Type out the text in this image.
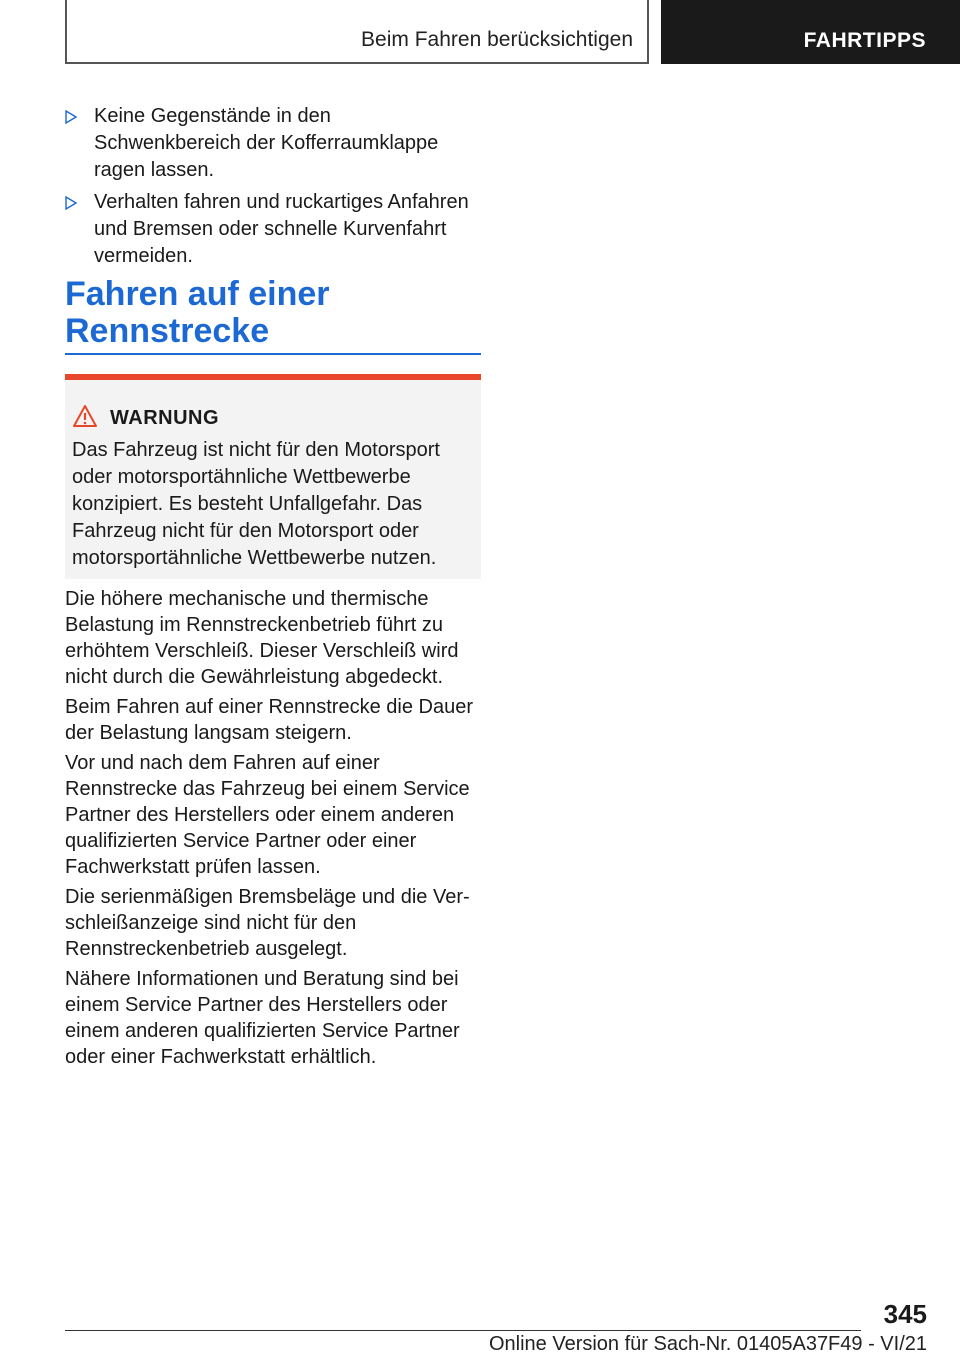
Beim Fahren berücksichtigen	FAHRTIPPS
Keine Gegenstände in den Schwenkbereich der Kofferraumklappe ragen lassen.
Verhalten fahren und ruckartiges Anfahren und Bremsen oder schnelle Kurvenfahrt vermeiden.
Fahren auf einer Rennstrecke
WARNUNG
Das Fahrzeug ist nicht für den Motorsport oder motorsportähnliche Wettbewerbe konzipiert. Es besteht Unfallgefahr. Das Fahrzeug nicht für den Motorsport oder motorsportähnliche Wettbewerbe nutzen.

Die höhere mechanische und thermische Belastung im Rennstreckenbetrieb führt zu erhöhtem Verschleiß. Dieser Verschleiß wird nicht durch die Gewährleistung abgedeckt.

Beim Fahren auf einer Rennstrecke die Dauer der Belastung langsam steigern.

Vor und nach dem Fahren auf einer Rennstrecke das Fahrzeug bei einem Service Partner des Herstellers oder einem anderen qualifizierten Service Partner oder einer Fachwerkstatt prüfen lassen.

Die serienmäßigen Bremsbeläge und die Verschleißanzeige sind nicht für den Rennstreckenbetrieb ausgelegt.

Nähere Informationen und Beratung sind bei einem Service Partner des Herstellers oder einem anderen qualifizierten Service Partner oder einer Fachwerkstatt erhältlich.

345
Online Version für Sach-Nr. 01405A37F49 - VI/21
